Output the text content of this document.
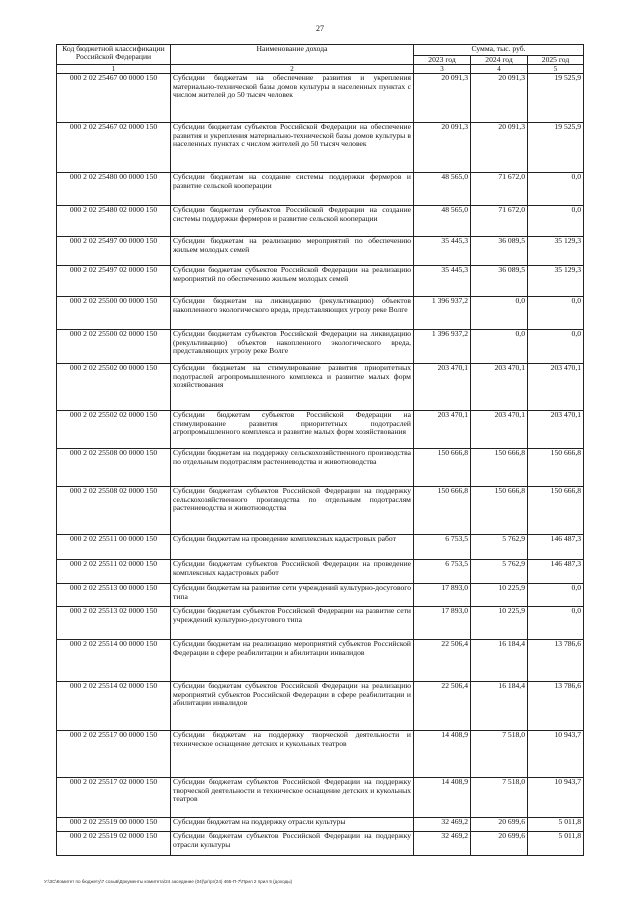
27
Код бюджетной классификации Российской Федерации	Наименование дохода	Сумма, тыс. руб.		
		2023 год	2024 год	2025 год
1	2	3	4	5
000 2 02 25467 00 0000 150	Субсидии бюджетам на обеспечение развития и укрепления материально-технической базы домов культуры в населенных пунктах с числом жителей до 50 тысяч человек	20 091,3	20 091,3	19 525,9
000 2 02 25467 02 0000 150	Субсидии бюджетам субъектов Российской Федерации на обеспечение развития и укрепления материально-технической базы домов культуры в населенных пунктах с числом жителей до 50 тысяч человек	20 091,3	20 091,3	19 525,9
000 2 02 25480 00 0000 150	Субсидии бюджетам на создание системы поддержки фермеров и развитие сельской кооперации	48 565,0	71 672,0	0,0
000 2 02 25480 02 0000 150	Субсидии бюджетам субъектов Российской Федерации на создание системы поддержки фермеров и развитие сельской кооперации	48 565,0	71 672,0	0,0
000 2 02 25497 00 0000 150	Субсидии бюджетам на реализацию мероприятий по обеспечению жильем молодых семей	35 445,3	36 089,5	35 129,3
000 2 02 25497 02 0000 150	Субсидии бюджетам субъектов Российской Федерации на реализацию мероприятий по обеспечению жильем молодых семей	35 445,3	36 089,5	35 129,3
000 2 02 25500 00 0000 150	Субсидии бюджетам на ликвидацию (рекультивацию) объектов накопленного экологического вреда, представляющих угрозу реке Волге	1 396 937,2	0,0	0,0
000 2 02 25500 02 0000 150	Субсидии бюджетам субъектов Российской Федерации на ликвидацию (рекультивацию) объектов накопленного экологического вреда, представляющих угрозу реке Волге	1 396 937,2	0,0	0,0
000 2 02 25502 00 0000 150	Субсидии бюджетам на стимулирование развития приоритетных подотраслей агропромышленного комплекса и развитие малых форм хозяйствования	203 470,1	203 470,1	203 470,1
000 2 02 25502 02 0000 150	Субсидии бюджетам субъектов Российской Федерации на стимулирование развития приоритетных подотраслей агропромышленного комплекса и развитие малых форм хозяйствования	203 470,1	203 470,1	203 470,1
000 2 02 25508 00 0000 150	Субсидии бюджетам на поддержку сельскохозяйственного производства по отдельным подотраслям растениеводства и животноводства	150 666,8	150 666,8	150 666,8
000 2 02 25508 02 0000 150	Субсидии бюджетам субъектов Российской Федерации на поддержку сельскохозяйственного производства по отдельным подотраслям растениеводства и животноводства	150 666,8	150 666,8	150 666,8
000 2 02 25511 00 0000 150	Субсидии бюджетам на проведение комплексных кадастровых работ	6 753,5	5 762,9	146 487,3
000 2 02 25511 02 0000 150	Субсидии бюджетам субъектов Российской Федерации на проведение комплексных кадастровых работ	6 753,5	5 762,9	146 487,3
000 2 02 25513 00 0000 150	Субсидии бюджетам на развитие сети учреждений культурно-досугового типа	17 893,0	10 225,9	0,0
000 2 02 25513 02 0000 150	Субсидии бюджетам субъектов Российской Федерации на развитие сети учреждений культурно-досугового типа	17 893,0	10 225,9	0,0
000 2 02 25514 00 0000 150	Субсидии бюджетам на реализацию мероприятий субъектов Российской Федерации в сфере реабилитации и абилитации инвалидов	22 506,4	16 184,4	13 786,6
000 2 02 25514 02 0000 150	Субсидии бюджетам субъектов Российской Федерации на реализацию мероприятий субъектов Российской Федерации в сфере реабилитации и абилитации инвалидов	22 506,4	16 184,4	13 786,6
000 2 02 25517 00 0000 150	Субсидии бюджетам на поддержку творческой деятельности и техническое оснащение детских и кукольных театров	14 408,9	7 518,0	10 943,7
000 2 02 25517 02 0000 150	Субсидии бюджетам субъектов Российской Федерации на поддержку творческой деятельности и техническое оснащение детских и кукольных театров	14 408,9	7 518,0	10 943,7
000 2 02 25519 00 0000 150	Субсидии бюджетам на поддержку отрасли культуры	32 469,2	20 699,6	5 011,8
000 2 02 25519 02 0000 150	Субсидии бюджетам субъектов Российской Федерации на поддержку отрасли культуры	32 469,2	20 699,6	5 011,8
У:\ЗС\Комитет по бюджету\7 созыв\Документы комитета\24 заседание (04)\рг\рг(24) 465-П-7\Прил 2 прил 5 (доходы)
